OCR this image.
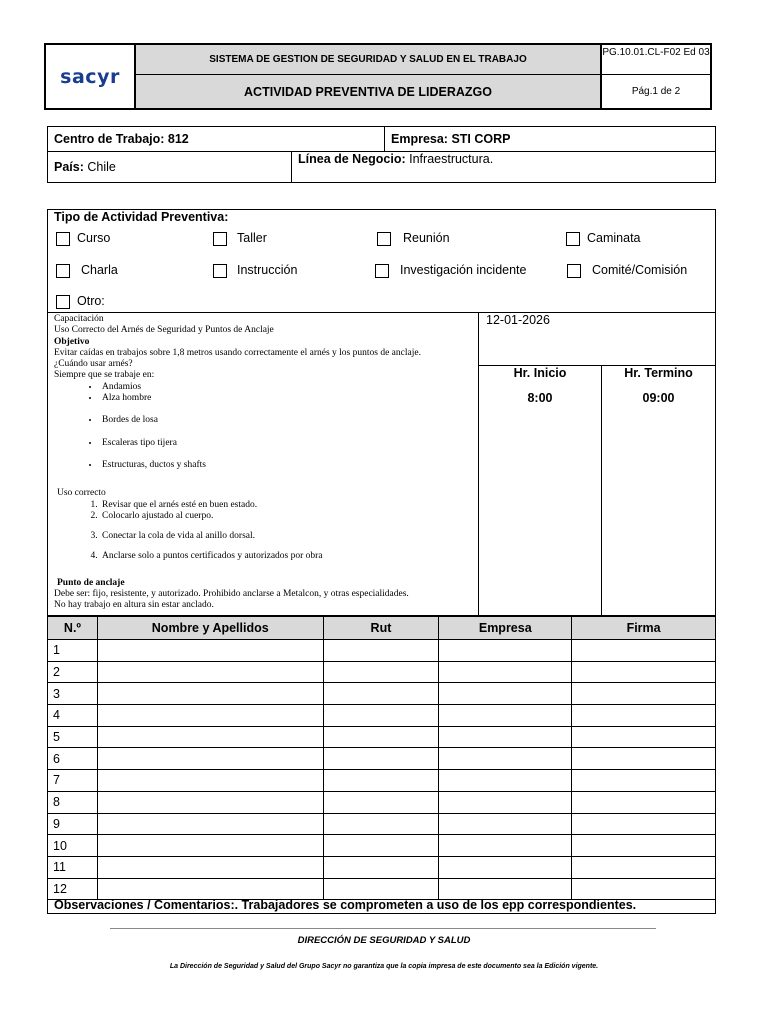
sacyr
SISTEMA DE GESTION DE SEGURIDAD Y SALUD EN EL TRABAJO
ACTIVIDAD PREVENTIVA DE LIDERAZGO
PG.10.01.CL-F02 Ed 03
Pág.1 de 2
Centro de Trabajo: 812	Empresa: STI CORP
País: Chile
Línea de Negocio: Infraestructura.
Tipo de Actividad Preventiva:
Curso	Taller	Reunión	Caminata
Charla	Instrucción	Investigación incidente	Comité/Comisión
Otro:
Capacitación
Uso Correcto del Arnés de Seguridad y Puntos de Anclaje
Objetivo
Evitar caídas en trabajos sobre 1,8 metros usando correctamente el arnés y los puntos de anclaje.
¿Cuándo usar arnés?
Siempre que se trabaje en:
• Andamios
• Alza hombre
• Bordes de losa
• Escaleras tipo tijera
• Estructuras, ductos y shafts
Uso correcto
1. Revisar que el arnés esté en buen estado.
2. Colocarlo ajustado al cuerpo.
3. Conectar la cola de vida al anillo dorsal.
4. Anclarse solo a puntos certificados y autorizados por obra
Punto de anclaje
Debe ser: fijo, resistente, y autorizado. Prohibido anclarse a Metalcon, y otras especialidades.
No hay trabajo en altura sin estar anclado.
12-01-2026
Hr. Inicio	Hr. Termino
8:00	09:00
N.º	Nombre y Apellidos	Rut	Empresa	Firma
1				
2				
3				
4				
5				
6				
7				
8				
9				
10				
11				
12				
Observaciones / Comentarios:. Trabajadores se comprometen a uso de los epp correspondientes.
DIRECCIÓN DE SEGURIDAD Y SALUD
La Dirección de Seguridad y Salud del Grupo Sacyr no garantiza que la copia impresa de este documento sea la Edición vigente.
